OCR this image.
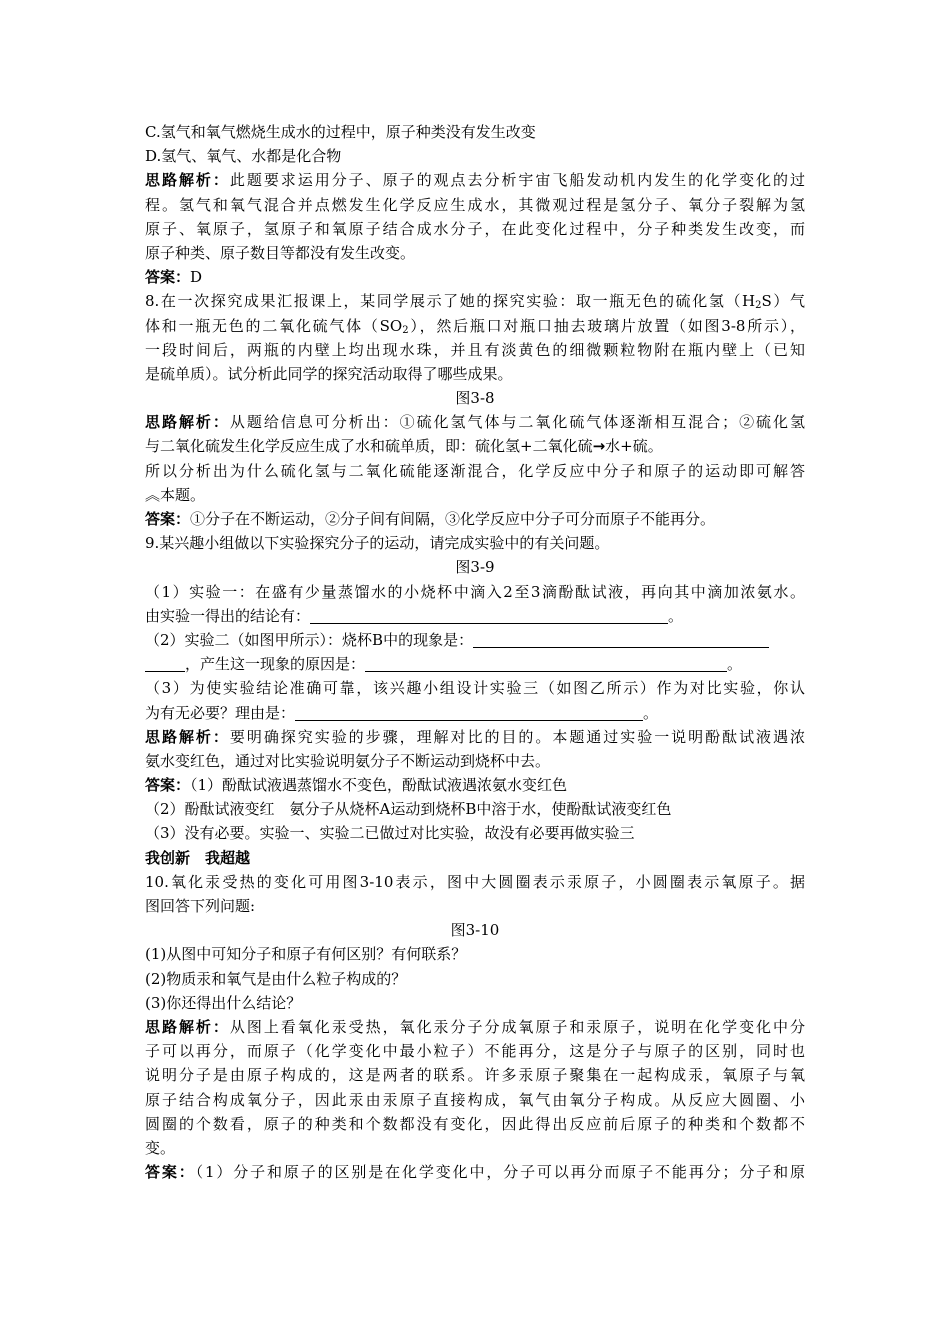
C.氢气和氧气燃烧生成水的过程中，原子种类没有发生改变
D.氢气、氧气、水都是化合物
思路解析：此题要求运用分子、原子的观点去分析宇宙飞船发动机内发生的化学变化的过
程。氢气和氧气混合并点燃发生化学反应生成水，其微观过程是氢分子、氧分子裂解为氢
原子、氧原子，氢原子和氧原子结合成水分子，在此变化过程中，分子种类发生改变，而
原子种类、原子数目等都没有发生改变。
答案：D
8.在一次探究成果汇报课上，某同学展示了她的探究实验：取一瓶无色的硫化氢$(H_2S)$气
体和一瓶无色的二氧化硫气体$(SO_2)$，然后瓶口对瓶口抽去玻璃片放置（如图3-8所示），
一段时间后，两瓶的内壁上均出现水珠，并且有淡黄色的细微颗粒物附在瓶内壁上（已知
是硫单质）。试分析此同学的探究活动取得了哪些成果。
图3-8
思路解析：从题给信息可分析出：①硫化氢气体与二氧化硫气体逐渐相互混合；②硫化氢
与二氧化硫发生化学反应生成了水和硫单质，即：硫化氢+二氧化硫→水+硫。
所以分析出为什么硫化氢与二氧化硫能逐渐混合，化学反应中分子和原子的运动即可解答
︽本题。
答案：①分子在不断运动，②分子间有间隔，③化学反应中分子可分而原子不能再分。
9.某兴趣小组做以下实验探究分子的运动，请完成实验中的有关问题。
图3-9
（1）实验一：在盛有少量蒸馏水的小烧杯中滴入2至3滴酚酞试液，再向其中滴加浓氨水。
由实验一得出的结论有：	。
（2）实验二（如图甲所示）：烧杯B中的现象是：
，产生这一现象的原因是：	。
（3）为使实验结论准确可靠，该兴趣小组设计实验三（如图乙所示）作为对比实验，你认
为有无必要？理由是：	。
思路解析：要明确探究实验的步骤，理解对比的目的。本题通过实验一说明酚酞试液遇浓
氨水变红色，通过对比实验说明氨分子不断运动到烧杯中去。
答案：（1）酚酞试液遇蒸馏水不变色，酚酞试液遇浓氨水变红色
（2）酚酞试液变红　氨分子从烧杯A运动到烧杯B中溶于水，使酚酞试液变红色
（3）没有必要。实验一、实验二已做过对比实验，故没有必要再做实验三
我创新　我超越
10.氧化汞受热的变化可用图3-10表示，图中大圆圈表示汞原子，小圆圈表示氧原子。据
图回答下列问题:
图3-10
(1)从图中可知分子和原子有何区别？有何联系？
(2)物质汞和氧气是由什么粒子构成的？
(3)你还得出什么结论？
思路解析：从图上看氧化汞受热，氧化汞分子分成氧原子和汞原子，说明在化学变化中分
子可以再分，而原子（化学变化中最小粒子）不能再分，这是分子与原子的区别，同时也
说明分子是由原子构成的，这是两者的联系。许多汞原子聚集在一起构成汞，氧原子与氧
原子结合构成氧分子，因此汞由汞原子直接构成，氧气由氧分子构成。从反应大圆圈、小
圆圈的个数看，原子的种类和个数都没有变化，因此得出反应前后原子的种类和个数都不
变。
答案：（1）分子和原子的区别是在化学变化中，分子可以再分而原子不能再分；分子和原
